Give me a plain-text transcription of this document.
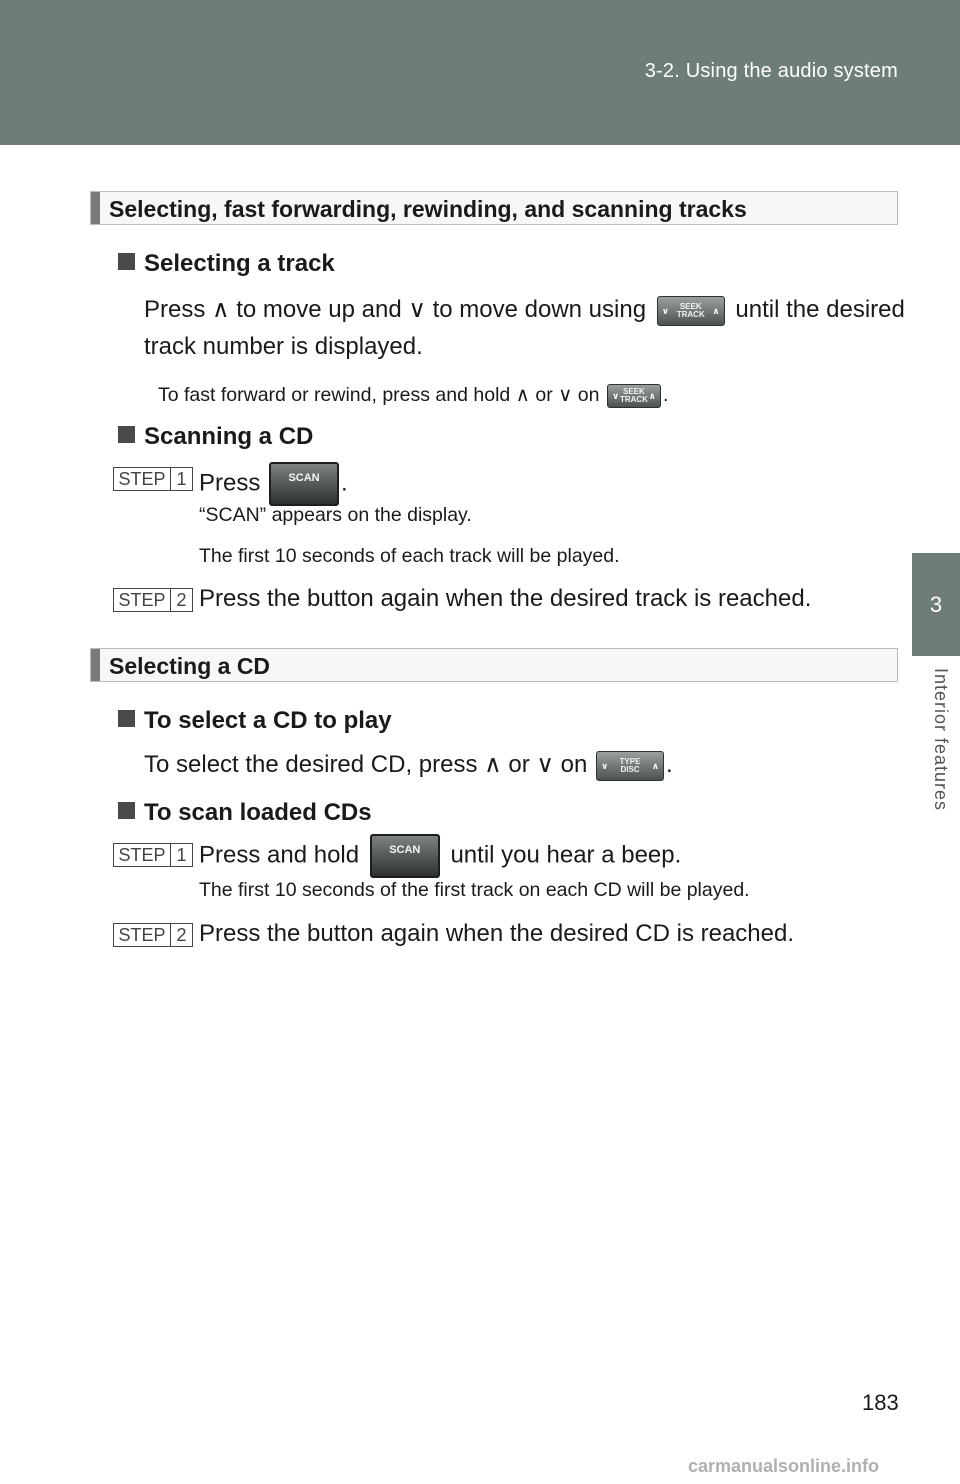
3-2. Using the audio system
3
Interior features
Selecting, fast forwarding, rewinding, and scanning tracks
Selecting a track
Press ∧ to move up and ∨ to move down using ∨	SEEK
TRACK ∧ until the desired
track number is displayed.
To fast forward or rewind, press and hold ∧ or ∨ on ∨ SEEK
TRACK ∧ .
Scanning a CD
STEP 1 Press	SCAN .
“SCAN” appears on the display.
The first 10 seconds of each track will be played.
STEP 2 Press the button again when the desired track is reached.
Selecting a CD
To select a CD to play
To select the desired CD, press ∧ or ∨ on ∨	TYPE
DISC	∧ .
To scan loaded CDs
STEP 1 Press and hold	SCAN	until you hear a beep.
The first 10 seconds of the first track on each CD will be played.
STEP 2 Press the button again when the desired CD is reached.
183
carmanualsonline.info
